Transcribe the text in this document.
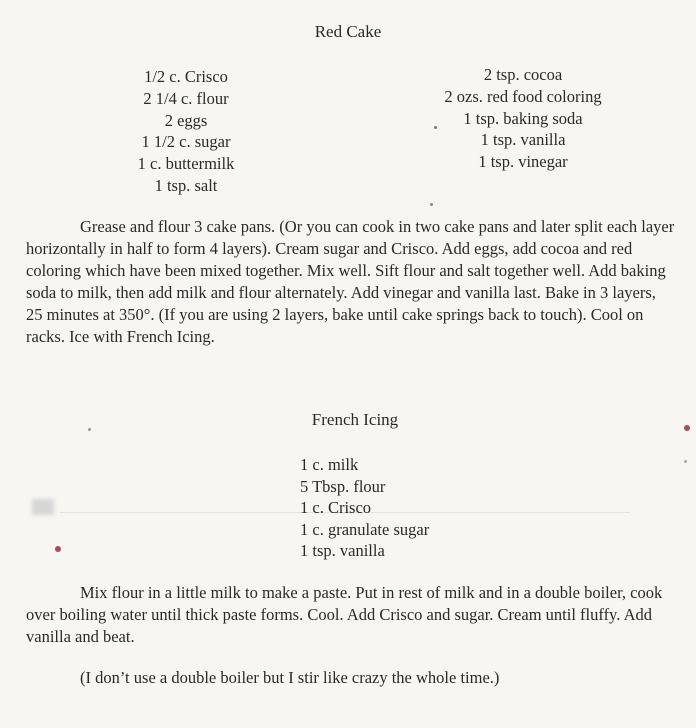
Red Cake
1/2 c. Crisco
2 1/4 c. flour
2 eggs
1 1/2 c. sugar
1 c. buttermilk
1 tsp. salt
2 tsp. cocoa
2 ozs. red food coloring
1 tsp. baking soda
1 tsp. vanilla
1 tsp. vinegar
Grease and flour 3 cake pans. (Or you can cook in two cake pans and later split each layer horizontally in half to form 4 layers). Cream sugar and Crisco. Add eggs, add cocoa and red coloring which have been mixed together. Mix well. Sift flour and salt together well. Add baking soda to milk, then add milk and flour alternately. Add vinegar and vanilla last. Bake in 3 layers, 25 minutes at 350°. (If you are using 2 layers, bake until cake springs back to touch). Cool on racks. Ice with French Icing.
French Icing
1 c. milk
5 Tbsp. flour
1 c. Crisco
1 c. granulate sugar
1 tsp. vanilla
Mix flour in a little milk to make a paste. Put in rest of milk and in a double boiler, cook over boiling water until thick paste forms. Cool. Add Crisco and sugar. Cream until fluffy. Add vanilla and beat.
(I don’t use a double boiler but I stir like crazy the whole time.)
